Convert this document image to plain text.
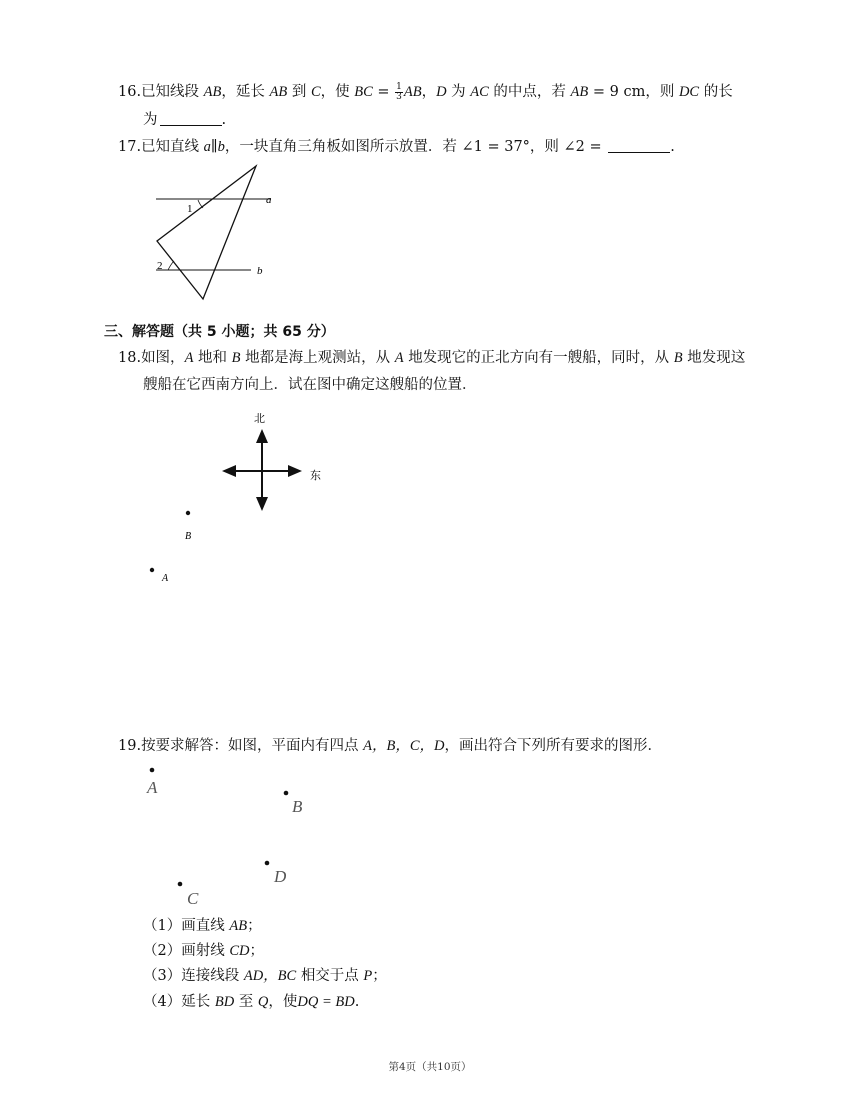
16.已知线段 AB，延长 AB 到 C，使 BC = $\frac{1}{3}$ AB，D 为 AC 的中点，若 AB = 9 cm，则 DC 的长
为	.
17.已知直线 a∥b，一块直角三角板如图所示放置．若 ∠1 = 37°，则 ∠2 =	.
a
b
1
2
三、解答题（共 5 小题；共 65 分）
18.如图，A 地和 B 地都是海上观测站，从 A 地发现它的正北方向有一艘船，同时，从 B 地发现这
艘船在它西南方向上．试在图中确定这艘船的位置．
北
东
B
A
19.按要求解答：如图，平面内有四点 A，B，C，D，画出符合下列所有要求的图形．
A
B
D
C
（1）画直线 AB；
（2）画射线 CD；
（3）连接线段 AD，BC 相交于点 P；
（4）延长 BD 至 Q，使DQ = BD.
第4页（共10页）
